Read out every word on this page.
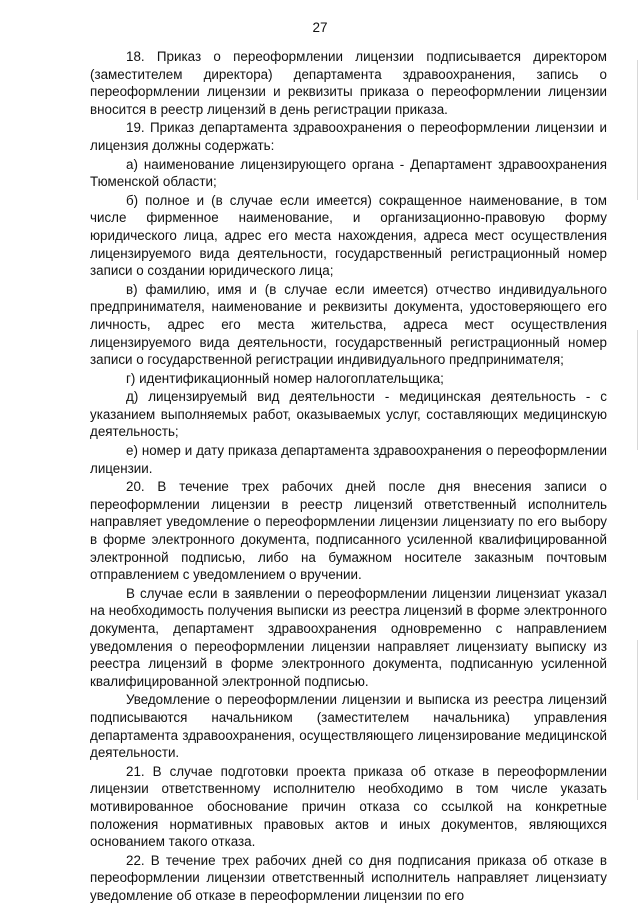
27

18. Приказ о переоформлении лицензии подписывается директором (заместителем директора) департамента здравоохранения, запись о переоформлении лицензии и реквизиты приказа о переоформлении лицензии вносится в реестр лицензий в день регистрации приказа.

19. Приказ департамента здравоохранения о переоформлении лицензии и лицензия должны содержать:

а) наименование лицензирующего органа - Департамент здравоохранения Тюменской области;

б) полное и (в случае если имеется) сокращенное наименование, в том числе фирменное наименование, и организационно-правовую форму юридического лица, адрес его места нахождения, адреса мест осуществления лицензируемого вида деятельности, государственный регистрационный номер записи о создании юридического лица;

в) фамилию, имя и (в случае если имеется) отчество индивидуального предпринимателя, наименование и реквизиты документа, удостоверяющего его личность, адрес его места жительства, адреса мест осуществления лицензируемого вида деятельности, государственный регистрационный номер записи о государственной регистрации индивидуального предпринимателя;

г) идентификационный номер налогоплательщика;

д) лицензируемый вид деятельности - медицинская деятельность - с указанием выполняемых работ, оказываемых услуг, составляющих медицинскую деятельность;

е) номер и дату приказа департамента здравоохранения о переоформлении лицензии.

20. В течение трех рабочих дней после дня внесения записи о переоформлении лицензии в реестр лицензий ответственный исполнитель направляет уведомление о переоформлении лицензии лицензиату по его выбору в форме электронного документа, подписанного усиленной квалифицированной электронной подписью, либо на бумажном носителе заказным почтовым отправлением с уведомлением о вручении.

В случае если в заявлении о переоформлении лицензии лицензиат указал на необходимость получения выписки из реестра лицензий в форме электронного документа, департамент здравоохранения одновременно с направлением уведомления о переоформлении лицензии направляет лицензиату выписку из реестра лицензий в форме электронного документа, подписанную усиленной квалифицированной электронной подписью.

Уведомление о переоформлении лицензии и выписка из реестра лицензий подписываются начальником (заместителем начальника) управления департамента здравоохранения, осуществляющего лицензирование медицинской деятельности.

21. В случае подготовки проекта приказа об отказе в переоформлении лицензии ответственному исполнителю необходимо в том числе указать мотивированное обоснование причин отказа со ссылкой на конкретные положения нормативных правовых актов и иных документов, являющихся основанием такого отказа.

22. В течение трех рабочих дней со дня подписания приказа об отказе в переоформлении лицензии ответственный исполнитель направляет лицензиату уведомление об отказе в переоформлении лицензии по его
